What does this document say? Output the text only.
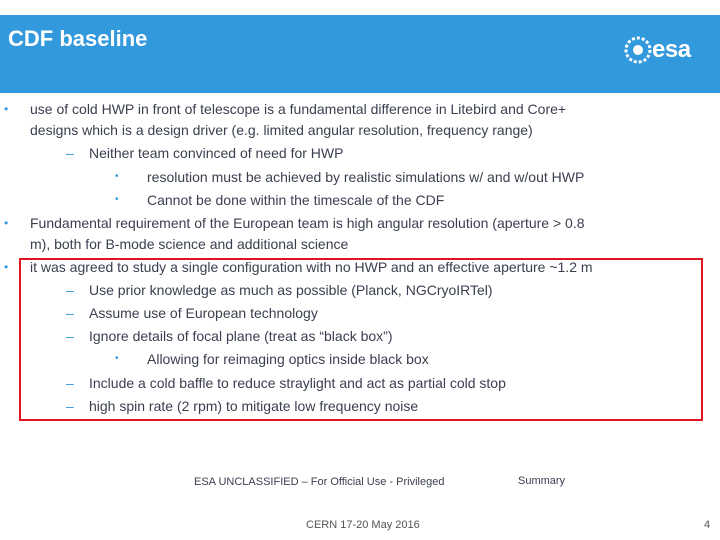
CDF baseline	esa
• use of cold HWP in front of telescope is a fundamental difference in Litebird and Core+
designs which is a design driver (e.g. limited angular resolution, frequency range)
– Neither team convinced of need for HWP
• resolution must be achieved by realistic simulations w/ and w/out HWP
• Cannot be done within the timescale of the CDF
• Fundamental requirement of the European team is high angular resolution (aperture > 0.8
m), both for B-mode science and additional science
• it was agreed to study a single configuration with no HWP and an effective aperture ~1.2 m
– Use prior knowledge as much as possible (Planck, NGCryoIRTel)
– Assume use of European technology
– Ignore details of focal plane (treat as “black box”)
• Allowing for reimaging optics inside black box
– Include a cold baffle to reduce straylight and act as partial cold stop
– high spin rate (2 rpm) to mitigate low frequency noise
ESA UNCLASSIFIED – For Official Use - Privileged	Summary
CERN 17-20 May 2016	4
